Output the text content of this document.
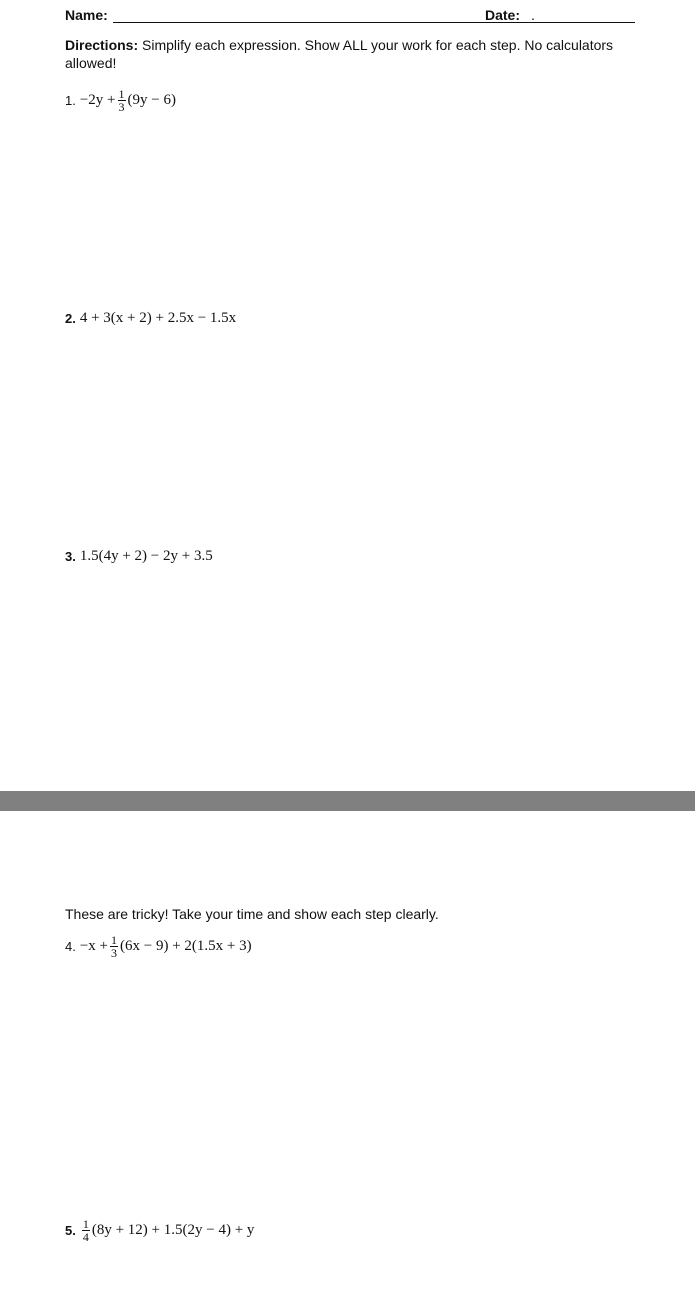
Name:	.
Date:
Directions: Simplify each expression. Show ALL your work for each step. No calculators allowed!
1. $-2y + \frac{1}{3} (9y - 6)$
2. 4 + 3(x + 2) + 2.5x − 1.5x
3. 1.5(4y + 2) − 2y + 3.5
These are tricky! Take your time and show each step clearly.
4. $-x + \frac{1}{3} (6x - 9) + 2(1.5x + 3)$
5. $\frac{1}{4} (8y + 12) + 1.5(2y - 4) + y$
